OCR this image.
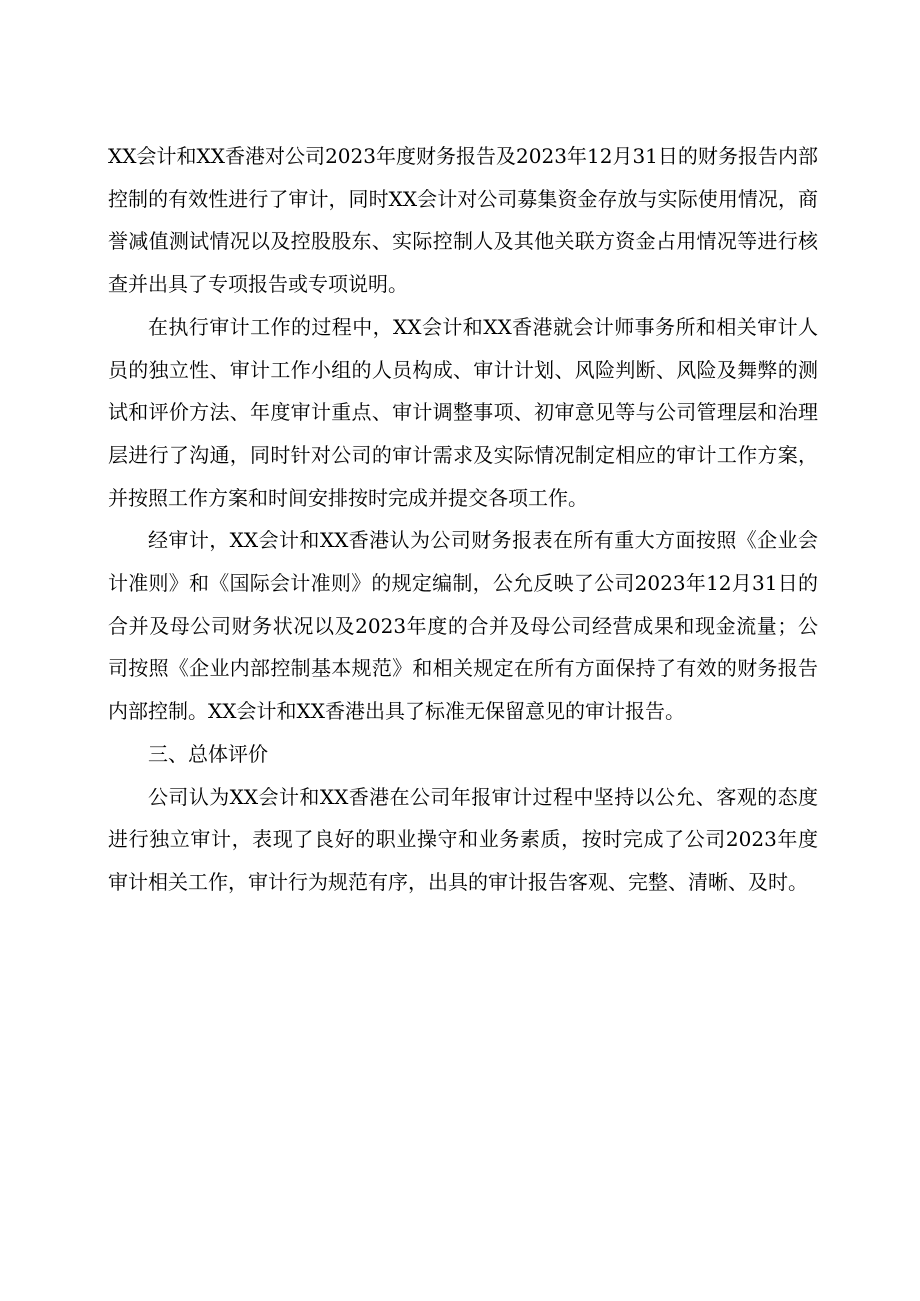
XX会计和XX香港对公司2023年度财务报告及2023年12月31日的财务报告内部控制的有效性进行了审计，同时XX会计对公司募集资金存放与实际使用情况，商誉减值测试情况以及控股股东、实际控制人及其他关联方资金占用情况等进行核查并出具了专项报告或专项说明。

在执行审计工作的过程中，XX会计和XX香港就会计师事务所和相关审计人员的独立性、审计工作小组的人员构成、审计计划、风险判断、风险及舞弊的测试和评价方法、年度审计重点、审计调整事项、初审意见等与公司管理层和治理层进行了沟通，同时针对公司的审计需求及实际情况制定相应的审计工作方案，并按照工作方案和时间安排按时完成并提交各项工作。

经审计，XX会计和XX香港认为公司财务报表在所有重大方面按照《企业会计准则》和《国际会计准则》的规定编制，公允反映了公司2023年12月31日的合并及母公司财务状况以及2023年度的合并及母公司经营成果和现金流量；公司按照《企业内部控制基本规范》和相关规定在所有方面保持了有效的财务报告内部控制。XX会计和XX香港出具了标准无保留意见的审计报告。

三、总体评价

公司认为XX会计和XX香港在公司年报审计过程中坚持以公允、客观的态度进行独立审计，表现了良好的职业操守和业务素质，按时完成了公司2023年度审计相关工作，审计行为规范有序，出具的审计报告客观、完整、清晰、及时。
